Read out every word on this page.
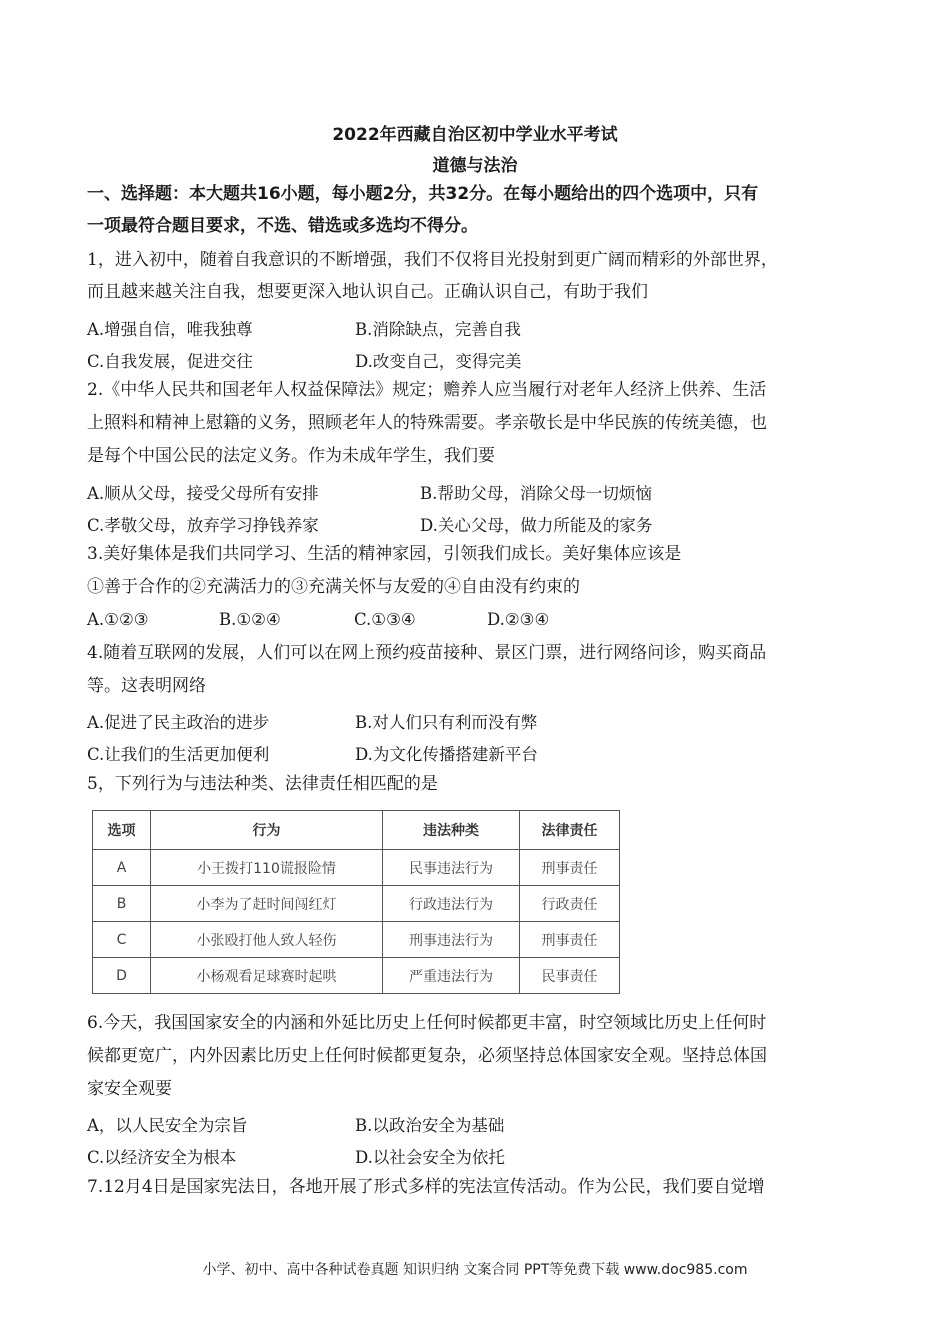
2022年西藏自治区初中学业水平考试
道德与法治
一、选择题：本大题共16小题，每小题2分，共32分。在每小题给出的四个选项中，只有
一项最符合题目要求，不选、错选或多选均不得分。
1，进入初中，随着自我意识的不断增强，我们不仅将目光投射到更广阔而精彩的外部世界，
而且越来越关注自我，想要更深入地认识自己。正确认识自己，有助于我们
A.增强自信，唯我独尊	B.消除缺点，完善自我
C.自我发展，促进交往	D.改变自己，变得完美
2.《中华人民共和国老年人权益保障法》规定；赡养人应当履行对老年人经济上供养、生活
上照料和精神上慰籍的义务，照顾老年人的特殊需要。孝亲敬长是中华民族的传统美德，也
是每个中国公民的法定义务。作为未成年学生，我们要
A.顺从父母，接受父母所有安排	B.帮助父母，消除父母一切烦恼
C.孝敬父母，放弃学习挣钱养家	D.关心父母，做力所能及的家务
3.美好集体是我们共同学习、生活的精神家园，引领我们成长。美好集体应该是
①善于合作的②充满活力的③充满关怀与友爱的④自由没有约束的
A.①②③	B.①②④	C.①③④	D.②③④
4.随着互联网的发展，人们可以在网上预约疫苗接种、景区门票，进行网络问诊，购买商品
等。这表明网络
A.促进了民主政治的进步	B.对人们只有利而没有弊
C.让我们的生活更加便利	D.为文化传播搭建新平台
5，下列行为与违法种类、法律责任相匹配的是
选项	行为	违法种类	法律责任
A	小王拨打110谎报险情	民事违法行为	刑事责任
B	小李为了赶时间闯红灯	行政违法行为	行政责任
C	小张殴打他人致人轻伤	刑事违法行为	刑事责任
D	小杨观看足球赛时起哄	严重违法行为	民事责任
6.今天，我国国家安全的内涵和外延比历史上任何时候都更丰富，时空领域比历史上任何时
候都更宽广，内外因素比历史上任何时候都更复杂，必须坚持总体国家安全观。坚持总体国
家安全观要
A，以人民安全为宗旨	B.以政治安全为基础
C.以经济安全为根本	D.以社会安全为依托
7.12月4日是国家宪法日，各地开展了形式多样的宪法宣传活动。作为公民，我们要自觉增
小学、初中、高中各种试卷真题 知识归纳 文案合同 PPT等免费下载 www.doc985.com
